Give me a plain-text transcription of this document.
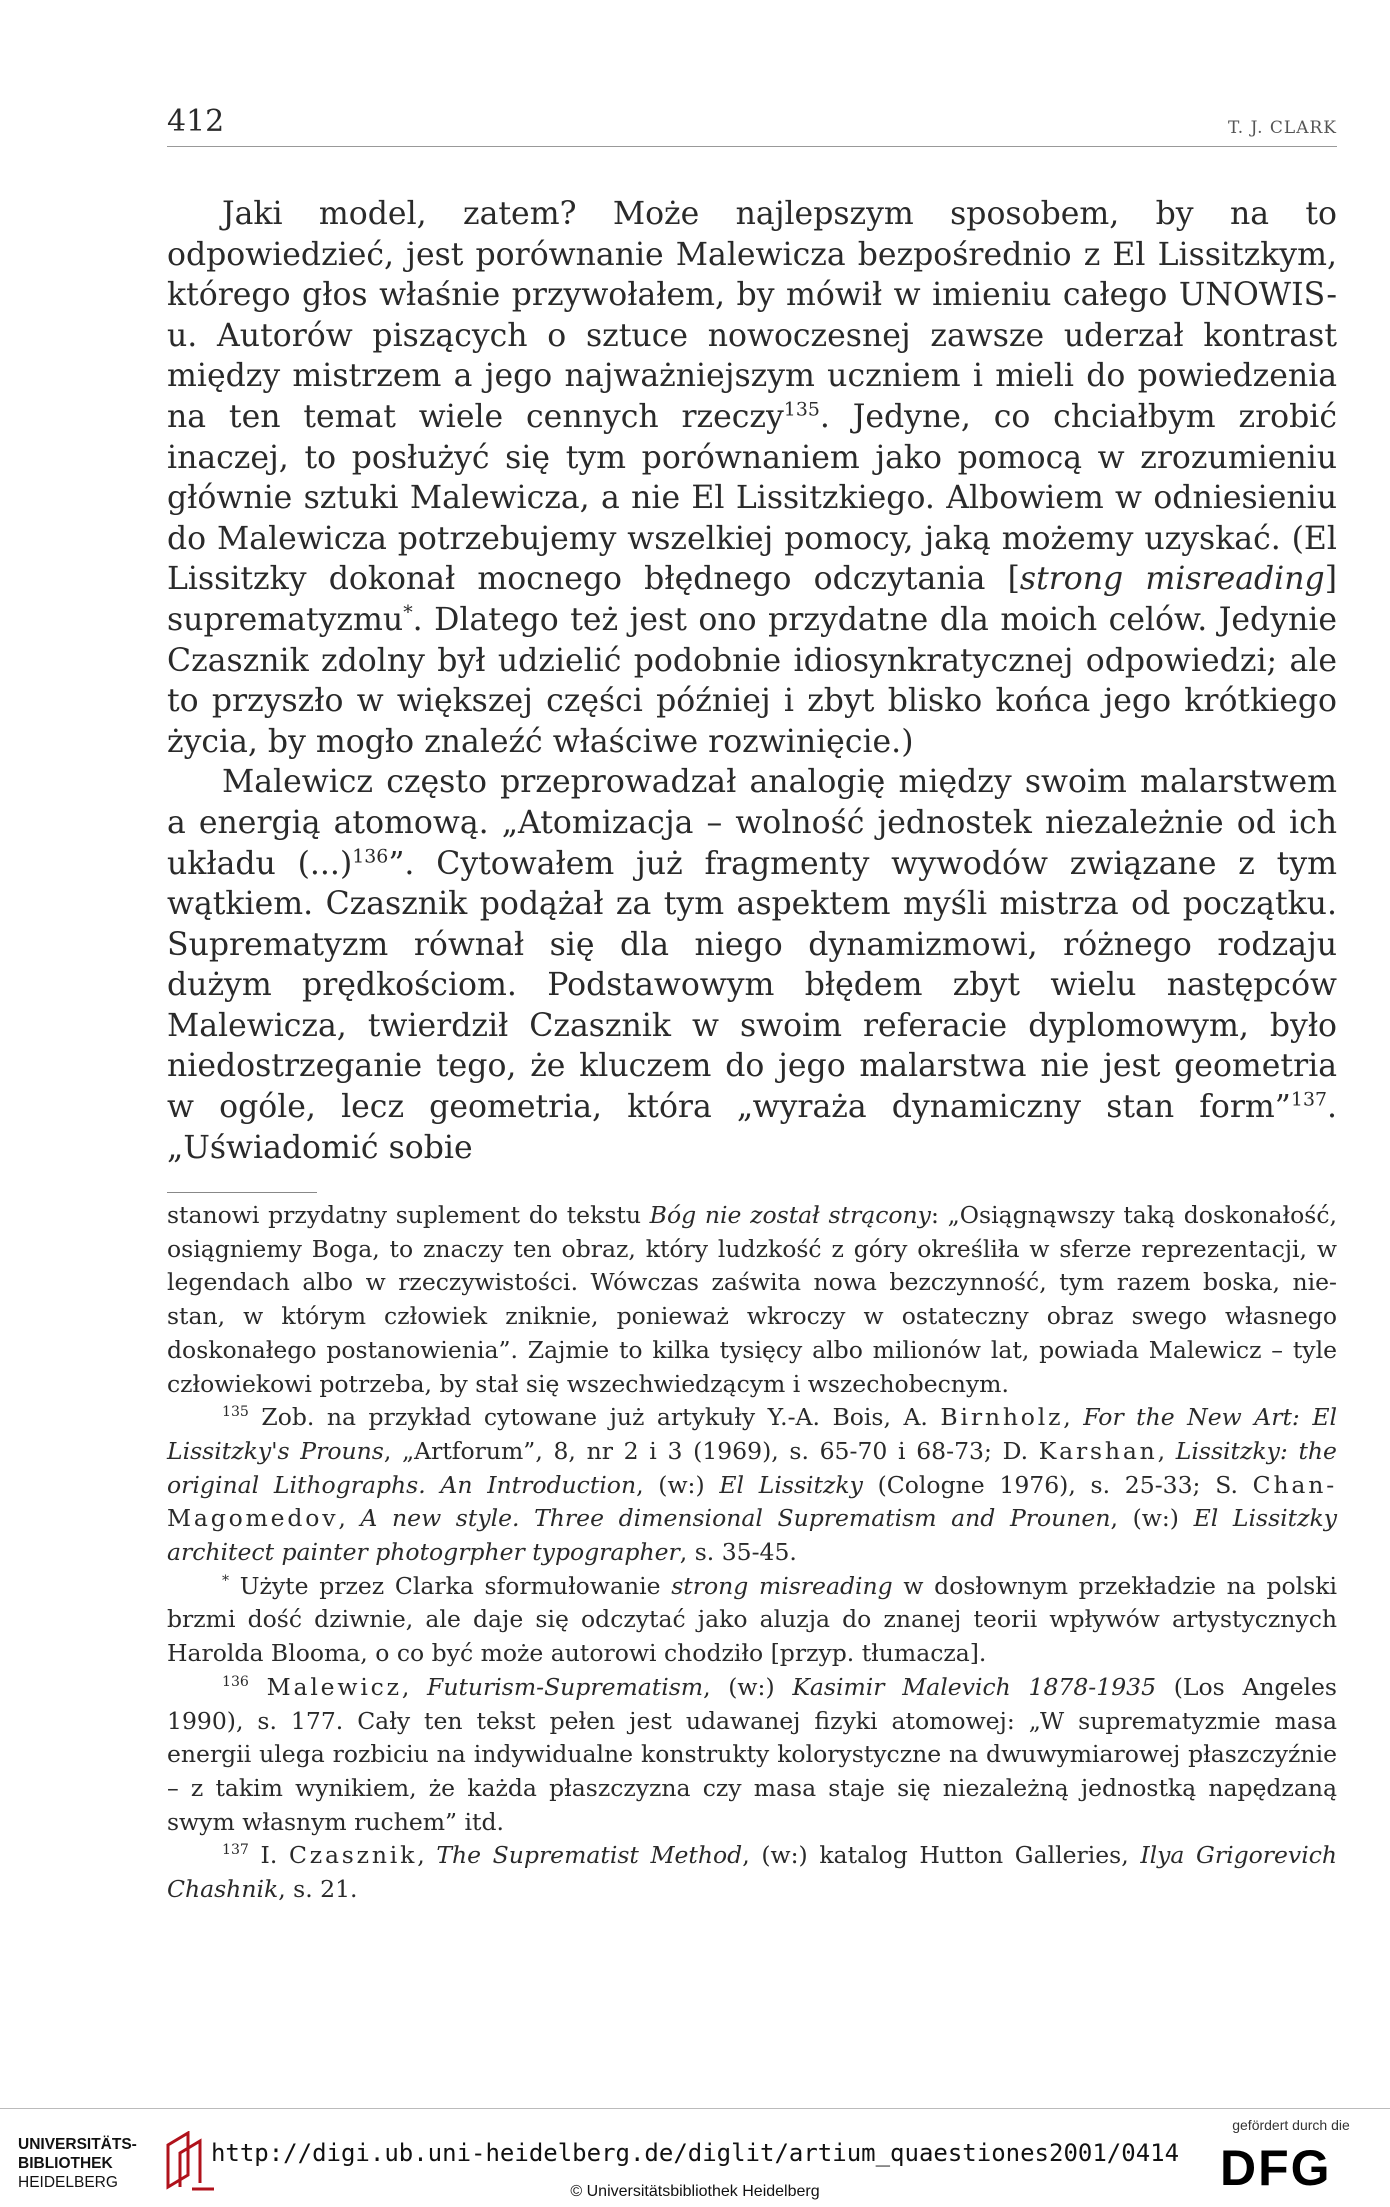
412	T. J. CLARK

Jaki model, zatem? Może najlepszym sposobem, by na to odpowiedzieć, jest porównanie Malewicza bezpośrednio z El Lissitzkym, którego głos właśnie przywołałem, by mówił w imieniu całego UNOWIS-u. Autorów piszących o sztuce nowoczesnej zawsze uderzał kontrast między mistrzem a jego najważniejszym uczniem i mieli do powiedzenia na ten temat wiele cennych rzeczy$^{135}$. Jedyne, co chciałbym zrobić inaczej, to posłużyć się tym porównaniem jako pomocą w zrozumieniu głównie sztuki Malewicza, a nie El Lissitzkiego. Albowiem w odniesieniu do Malewicza potrzebujemy wszelkiej pomocy, jaką możemy uzyskać. (El Lissitzky dokonał mocnego błędnego odczytania [strong misreading] suprematyzmu*. Dlatego też jest ono przydatne dla moich celów. Jedynie Czasznik zdolny był udzielić podobnie idiosynkratycznej odpowiedzi; ale to przyszło w większej części później i zbyt blisko końca jego krótkiego życia, by mogło znaleźć właściwe rozwinięcie.)

Malewicz często przeprowadzał analogię między swoim malarstwem a energią atomową. „Atomizacja – wolność jednostek niezależnie od ich układu (...)$^{136}$”. Cytowałem już fragmenty wywodów związane z tym wątkiem. Czasznik podążał za tym aspektem myśli mistrza od początku. Suprematyzm równał się dla niego dynamizmowi, różnego rodzaju dużym prędkościom. Podstawowym błędem zbyt wielu następców Malewicza, twierdził Czasznik w swoim referacie dyplomowym, było niedostrzeganie tego, że kluczem do jego malarstwa nie jest geometria w ogóle, lecz geometria, która „wyraża dynamiczny stan form”$^{137}$. „Uświadomić sobie

stanowi przydatny suplement do tekstu Bóg nie został strącony: „Osiągnąwszy taką doskonałość, osiągniemy Boga, to znaczy ten obraz, który ludzkość z góry określiła w sferze reprezentacji, w legendach albo w rzeczywistości. Wówczas zaświta nowa bezczynność, tym razem boska, nie-stan, w którym człowiek zniknie, ponieważ wkroczy w ostateczny obraz swego własnego doskonałego postanowienia”. Zajmie to kilka tysięcy albo milionów lat, powiada Malewicz – tyle człowiekowi potrzeba, by stał się wszechwiedzącym i wszechobecnym.

$^{135}$ Zob. na przykład cytowane już artykuły Y.-A. Bois, A. Birnholz, For the New Art: El Lissitzky's Prouns, „Artforum”, 8, nr 2 i 3 (1969), s. 65-70 i 68-73; D. Karshan, Lissitzky: the original Lithographs. An Introduction, (w:) El Lissitzky (Cologne 1976), s. 25-33; S. Chan-Magomedov, A new style. Three dimensional Suprematism and Prounen, (w:) El Lissitzky architect painter photogrpher typographer, s. 35-45.

* Użyte przez Clarka sformułowanie strong misreading w dosłownym przekładzie na polski brzmi dość dziwnie, ale daje się odczytać jako aluzja do znanej teorii wpływów artystycznych Harolda Blooma, o co być może autorowi chodziło [przyp. tłumacza].

$^{136}$ Malewicz, Futurism-Suprematism, (w:) Kasimir Malevich 1878-1935 (Los Angeles 1990), s. 177. Cały ten tekst pełen jest udawanej fizyki atomowej: „W suprematyzmie masa energii ulega rozbiciu na indywidualne konstrukty kolorystyczne na dwuwymiarowej płaszczyźnie – z takim wynikiem, że każda płaszczyzna czy masa staje się niezależną jednostką napędzaną swym własnym ruchem” itd.

$^{137}$ I. Czasznik, The Suprematist Method, (w:) katalog Hutton Galleries, Ilya Grigorevich Chashnik, s. 21.

UNIVERSITÄTS-
BIBLIOTHEK
HEIDELBERG
http://digi.ub.uni-heidelberg.de/diglit/artium_quaestiones2001/0414
© Universitätsbibliothek Heidelberg
gefördert durch die
DFG
